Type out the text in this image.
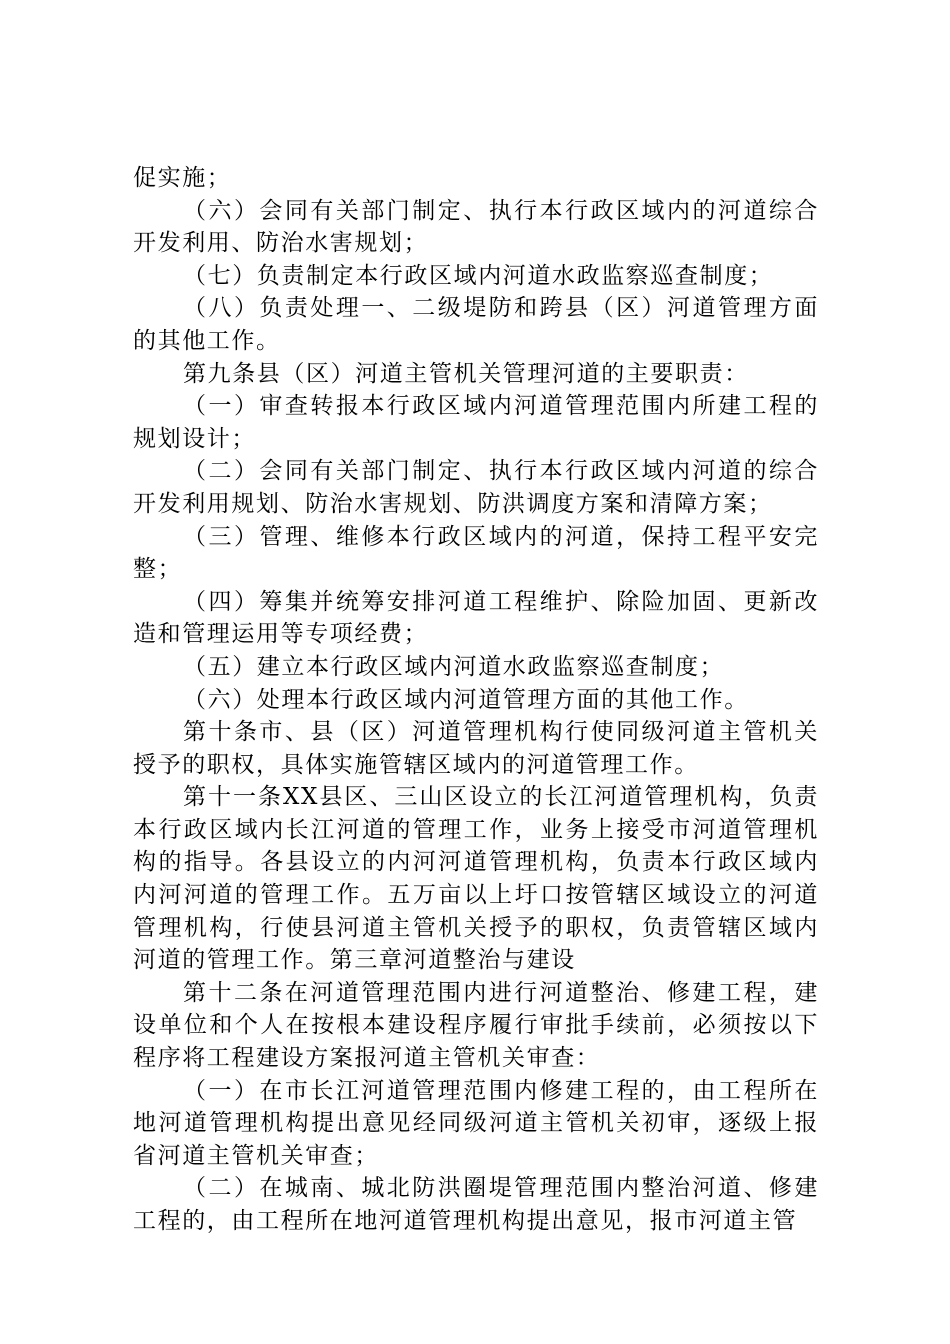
促实施；

（六）会同有关部门制定、执行本行政区域内的河道综合开发利用、防治水害规划；

（七）负责制定本行政区域内河道水政监察巡查制度；

（八）负责处理一、二级堤防和跨县（区）河道管理方面的其他工作。

第九条县（区）河道主管机关管理河道的主要职责：

（一）审查转报本行政区域内河道管理范围内所建工程的规划设计；

（二）会同有关部门制定、执行本行政区域内河道的综合开发利用规划、防治水害规划、防洪调度方案和清障方案；

（三）管理、维修本行政区域内的河道，保持工程平安完整；

（四）筹集并统筹安排河道工程维护、除险加固、更新改造和管理运用等专项经费；

（五）建立本行政区域内河道水政监察巡查制度；

（六）处理本行政区域内河道管理方面的其他工作。

第十条市、县（区）河道管理机构行使同级河道主管机关授予的职权，具体实施管辖区域内的河道管理工作。

第十一条XX县区、三山区设立的长江河道管理机构，负责本行政区域内长江河道的管理工作，业务上接受市河道管理机构的指导。各县设立的内河河道管理机构，负责本行政区域内内河河道的管理工作。五万亩以上圩口按管辖区域设立的河道管理机构，行使县河道主管机关授予的职权，负责管辖区域内河道的管理工作。第三章河道整治与建设

第十二条在河道管理范围内进行河道整治、修建工程，建设单位和个人在按根本建设程序履行审批手续前，必须按以下程序将工程建设方案报河道主管机关审查：

（一）在市长江河道管理范围内修建工程的，由工程所在地河道管理机构提出意见经同级河道主管机关初审，逐级上报省河道主管机关审查；

（二）在城南、城北防洪圈堤管理范围内整治河道、修建工程的，由工程所在地河道管理机构提出意见，报市河道主管
